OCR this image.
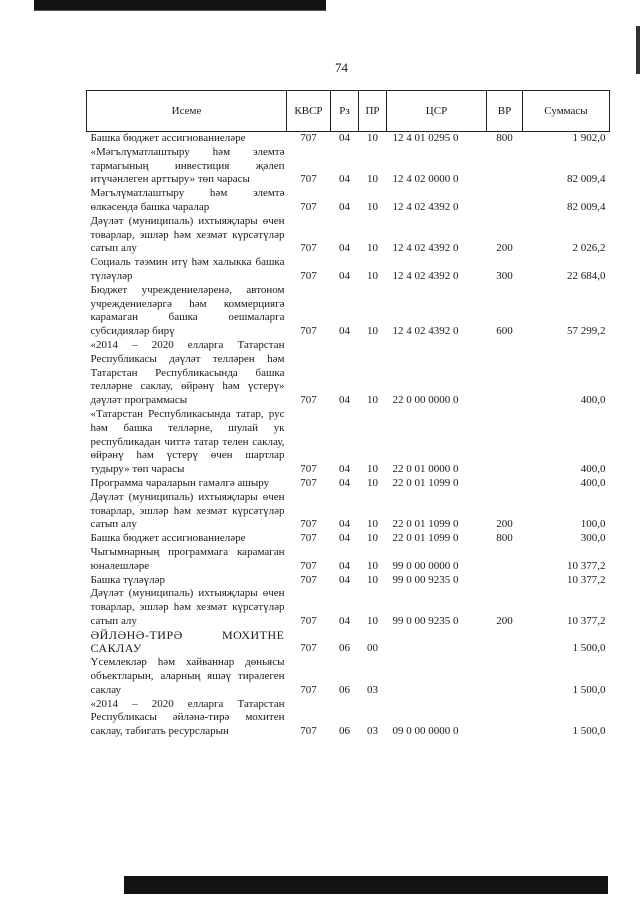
74
Исеме	КВСР	Рз	ПР	ЦСР	ВР	Суммасы
Башка бюджет ассигнованиеләре	707	04	10	12 4 01 0295 0	800	1 902,0
«Мәгълүматлаштыру һәм элемтә тармагының инвестиция җәлеп итүчәнлеген арттыру» төп чарасы	707	04	10	12 4 02 0000 0		82 009,4
Мәгълүматлаштыру һәм элемтә өлкәсендә башка чаралар	707	04	10	12 4 02 4392 0		82 009,4
Дәүләт (муниципаль) ихтыяҗлары өчен товарлар, эшләр һәм хезмәт күрсәтүләр сатып алу	707	04	10	12 4 02 4392 0	200	2 026,2
Социаль тәэмин итү һәм халыкка башка түләүләр	707	04	10	12 4 02 4392 0	300	22 684,0
Бюджет учреждениеләренә, автоном учреждениеләргә һәм коммерциягә карамаган башка оешмаларга субсидияләр бирү	707	04	10	12 4 02 4392 0	600	57 299,2
«2014 – 2020 елларга Татарстан Республикасы дәүләт телләрен һәм Татарстан Республикасында башка телләрне саклау, өйрәнү һәм үстерү» дәүләт программасы	707	04	10	22 0 00 0000 0		400,0
«Татарстан Республикасында татар, рус һәм башка телләрне, шулай ук республикадан читтә татар телен саклау, өйрәнү һәм үстерү өчен шартлар тудыру» төп чарасы	707	04	10	22 0 01 0000 0		400,0
Программа чараларын гамәлгә ашыру	707	04	10	22 0 01 1099 0		400,0
Дәүләт (муниципаль) ихтыяҗлары өчен товарлар, эшләр һәм хезмәт күрсәтүләр сатып алу	707	04	10	22 0 01 1099 0	200	100,0
Башка бюджет ассигнованиеләре	707	04	10	22 0 01 1099 0	800	300,0
Чыгымнарның программага карамаган юнәлешләре	707	04	10	99 0 00 0000 0		10 377,2
Башка түләүләр	707	04	10	99 0 00 9235 0		10 377,2
Дәүләт (муниципаль) ихтыяҗлары өчен товарлар, эшләр һәм хезмәт күрсәтүләр сатып алу	707	04	10	99 0 00 9235 0	200	10 377,2
ӘЙЛӘНӘ-ТИРӘ МОХИТНЕ САКЛАУ	707	06	00			1 500,0
Үсемлекләр һәм хайваннар дөньясы объектларын, аларның яшәү тирәлеген саклау	707	06	03			1 500,0
«2014 – 2020 елларга Татарстан Республикасы әйләнә-тирә мохитен саклау, табигать ресурсларын	707	06	03	09 0 00 0000 0		1 500,0
